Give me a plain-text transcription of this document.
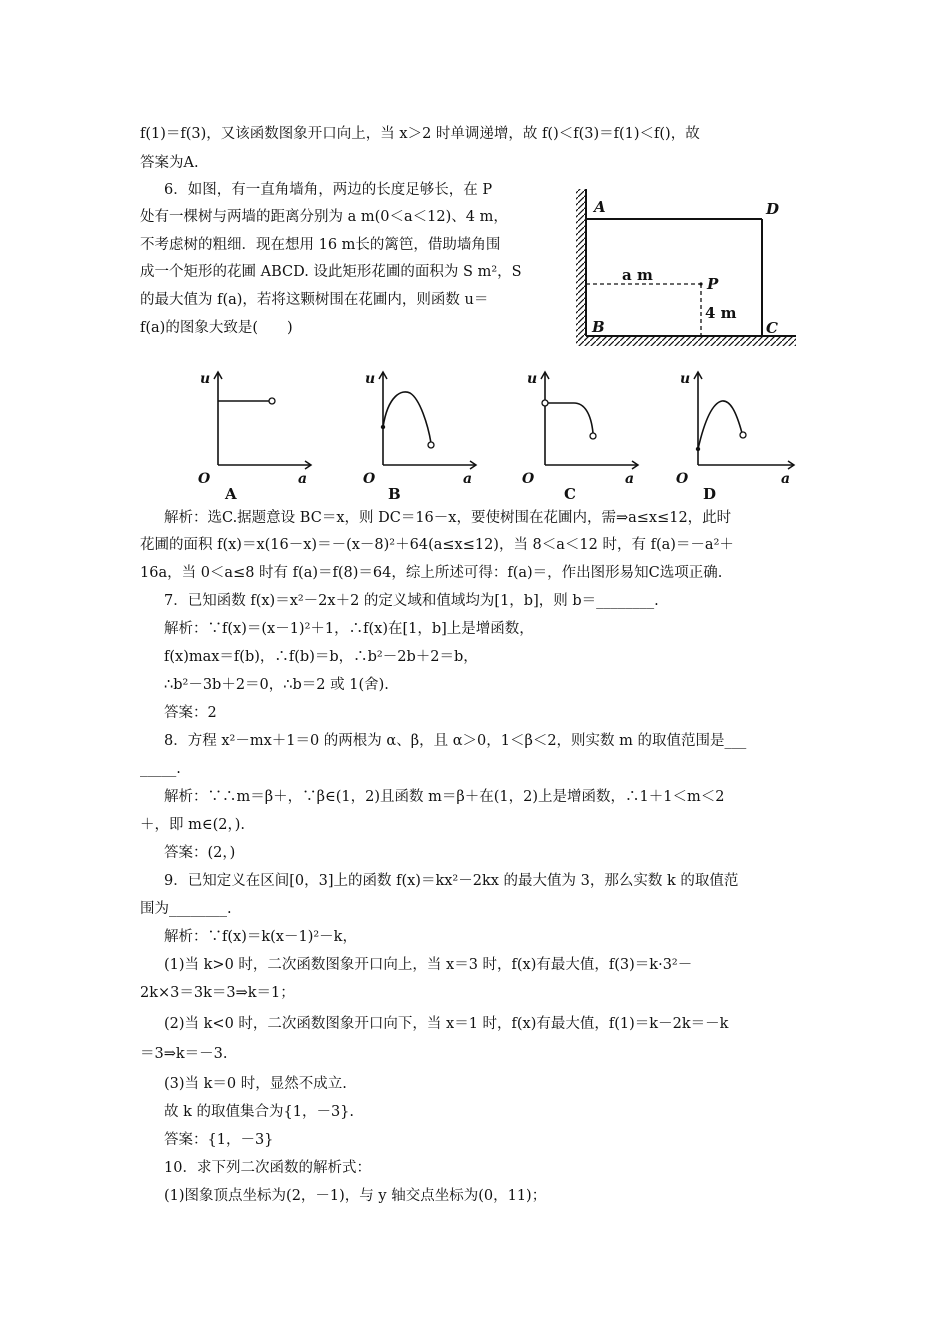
f(1)＝f(3)，又该函数图象开口向上，当 x＞2 时单调递增，故 f()＜f(3)＝f(1)＜f()，故
答案为A.
6．如图，有一直角墙角，两边的长度足够长，在 P
处有一棵树与两墙的距离分别为 a m(0＜a＜12)、4 m，
不考虑树的粗细．现在想用 16 m长的篱笆，借助墙角围
成一个矩形的花圃 ABCD. 设此矩形花圃的面积为 S m²，S
的最大值为 f(a)，若将这颗树围在花圃内，则函数 u＝
f(a)的图象大致是(　　)
A	D
B	C
P
a m
4 m
u
a
O
A
u
a
O
B
u
a
O
C
u
a
O
D
解析：选C.据题意设 BC＝x，则 DC＝16－x，要使树围在花圃内，需⇒a≤x≤12，此时
花圃的面积 f(x)＝x(16－x)＝－(x－8)²＋64(a≤x≤12)，当 8＜a＜12 时，有 f(a)＝－a²＋
16a，当 0＜a≤8 时有 f(a)＝f(8)＝64，综上所述可得：f(a)＝，作出图形易知C选项正确.
7．已知函数 f(x)＝x²－2x＋2 的定义域和值域均为[1，b]，则 b＝________.
解析：∵f(x)＝(x－1)²＋1，∴f(x)在[1，b]上是增函数，
f(x)max＝f(b)，∴f(b)＝b，∴b²－2b＋2＝b，
∴b²－3b＋2＝0，∴b＝2 或 1(舍).
答案：2
8．方程 x²－mx＋1＝0 的两根为 α、β，且 α＞0，1＜β＜2，则实数 m 的取值范围是___
_____.
解析：∵∴m＝β＋，∵β∈(1，2)且函数 m＝β＋在(1，2)上是增函数，∴1＋1＜m＜2
＋，即 m∈(2，).
答案：(2，)
9．已知定义在区间[0，3]上的函数 f(x)＝kx²－2kx 的最大值为 3，那么实数 k 的取值范
围为________.
解析：∵f(x)＝k(x－1)²－k，
(1)当 k>0 时，二次函数图象开口向上，当 x＝3 时，f(x)有最大值，f(3)＝k·3²－
2k×3＝3k＝3⇒k＝1；
(2)当 k<0 时，二次函数图象开口向下，当 x＝1 时，f(x)有最大值，f(1)＝k－2k＝－k
＝3⇒k＝－3.
(3)当 k＝0 时，显然不成立.
故 k 的取值集合为{1，－3}.
答案：{1，－3}
10．求下列二次函数的解析式：
(1)图象顶点坐标为(2，－1)，与 y 轴交点坐标为(0，11)；
